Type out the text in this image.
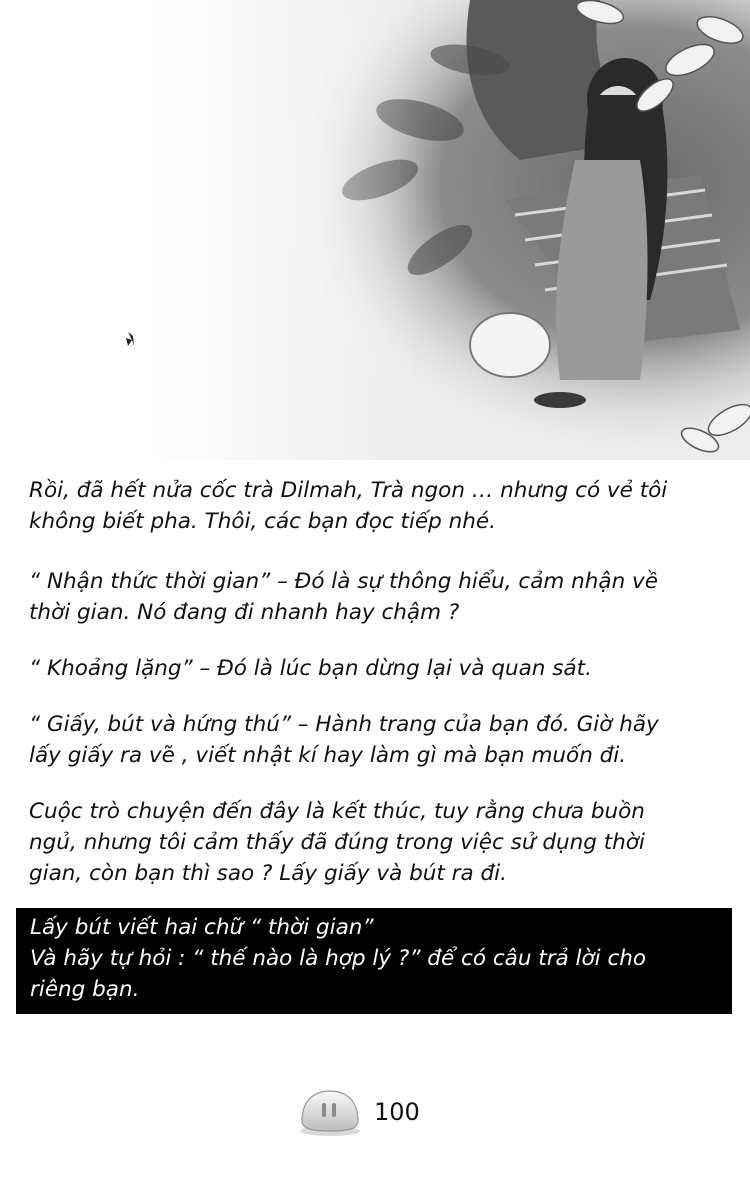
Rồi, đã hết nửa cốc trà Dilmah, Trà ngon … nhưng có vẻ tôi
không biết pha. Thôi, các bạn đọc tiếp nhé.
“ Nhận thức thời gian” – Đó là sự thông hiểu, cảm nhận về
thời gian. Nó đang đi nhanh hay chậm ?
“ Khoảng lặng” – Đó là lúc bạn dừng lại và quan sát.
“ Giấy, bút và hứng thú” – Hành trang của bạn đó. Giờ hãy
lấy giấy ra vẽ , viết nhật kí hay làm gì mà bạn muốn đi.
Cuộc trò chuyện đến đây là kết thúc, tuy rằng chưa buồn
ngủ, nhưng tôi cảm thấy đã đúng trong việc sử dụng thời
gian, còn bạn thì sao ? Lấy giấy và bút ra đi.
Lấy bút viết hai chữ “ thời gian”
Và hãy tự hỏi : “ thế nào là hợp lý ?” để có câu trả lời cho
riêng bạn.
100
